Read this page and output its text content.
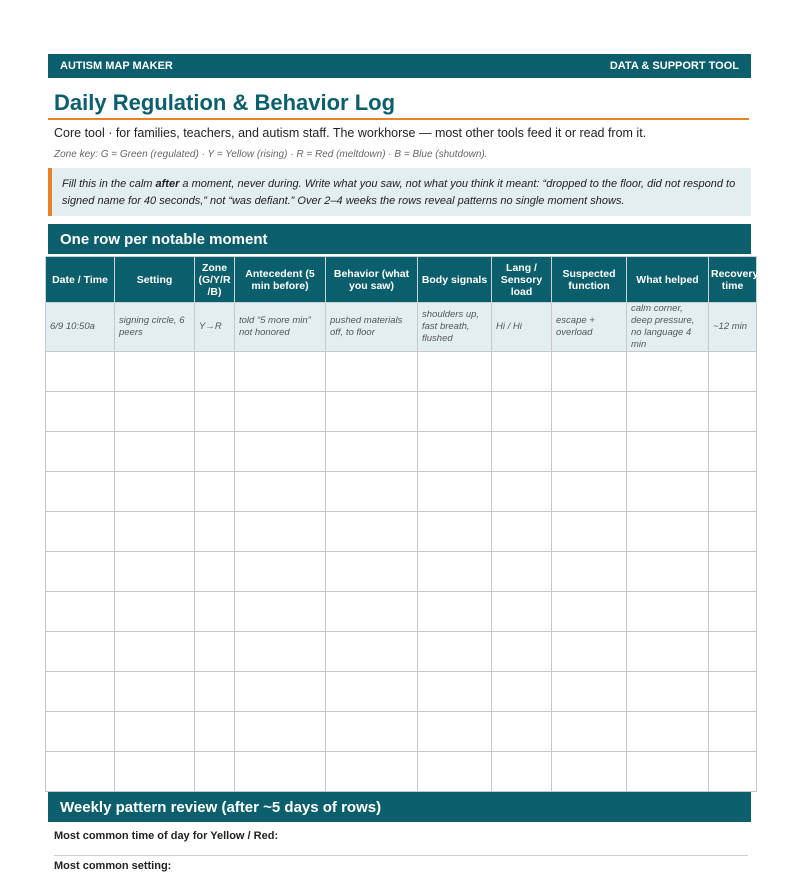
AUTISM MAP MAKER	DATA & SUPPORT TOOL
Daily Regulation & Behavior Log
Core tool · for families, teachers, and autism staff. The workhorse — most other tools feed it or read from it.
Zone key: G = Green (regulated) · Y = Yellow (rising) · R = Red (meltdown) · B = Blue (shutdown).
Fill this in the calm after a moment, never during. Write what you saw, not what you think it meant: “dropped to the floor, did not respond to signed name for 40 seconds,” not “was defiant.” Over 2–4 weeks the rows reveal patterns no single moment shows.
One row per notable moment
Date / Time	Setting	Zone (G/Y/R /B)	Antecedent (5 min before)	Behavior (what you saw)	Body signals	Lang / Sensory load	Suspected function	What helped	Recovery time
6/9 10:50a	signing circle, 6 peers	Y→R	told “5 more min” not honored	pushed materials off, to floor	shoulders up, fast breath, flushed	Hi / Hi	escape + overload	calm corner, deep pressure, no language 4 min	~12 min

Weekly pattern review (after ~5 days of rows)
Most common time of day for Yellow / Red:
Most common setting:
